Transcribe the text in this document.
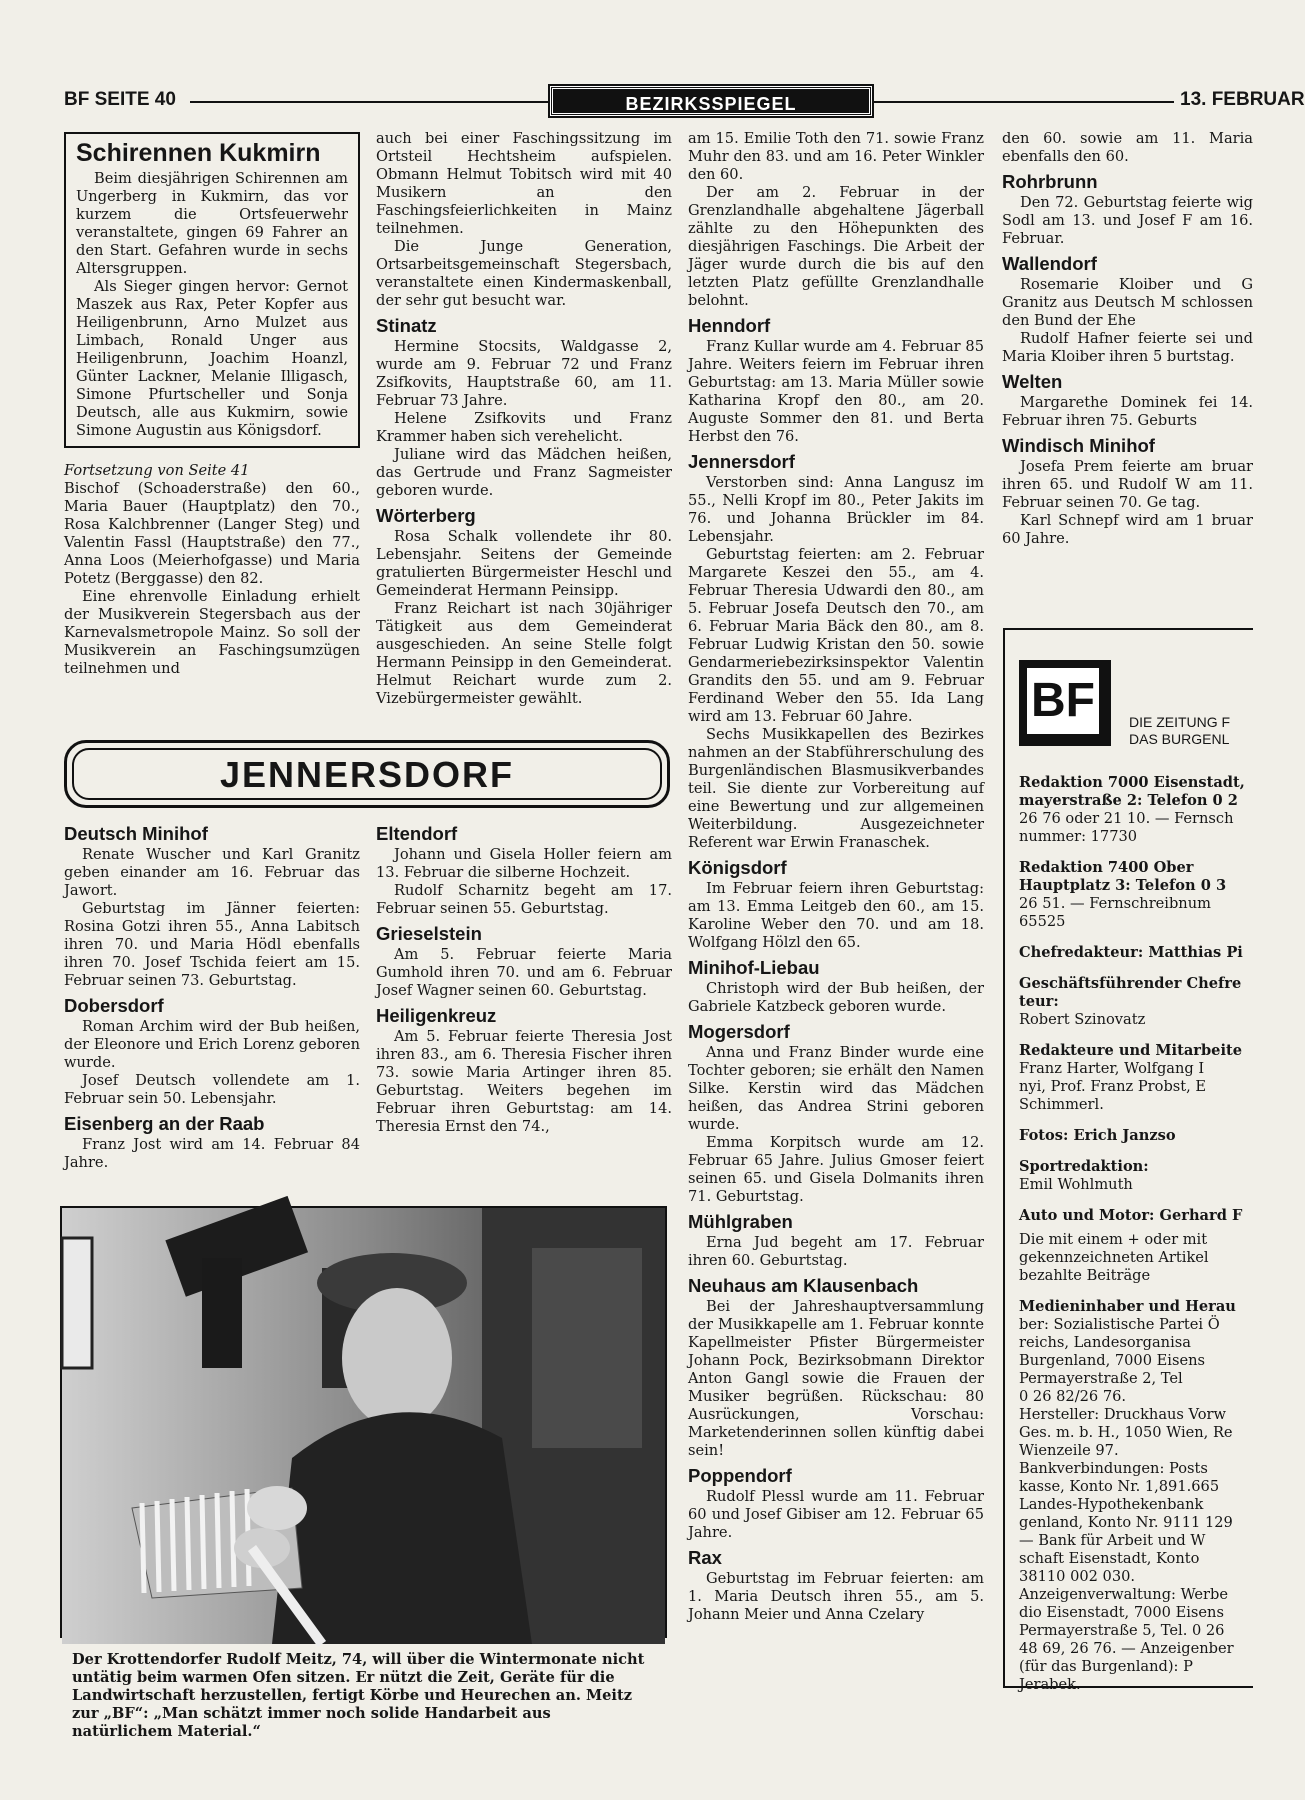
BF SEITE 40	BEZIRKSSPIEGEL	13. FEBRUAR
Schirennen Kukmirn

Beim diesjährigen Schirennen am Ungerberg in Kukmirn, das vor kurzem die Ortsfeuerwehr veranstaltete, gingen 69 Fahrer an den Start. Gefahren wurde in sechs Altersgruppen.

Als Sieger gingen hervor: Gernot Maszek aus Rax, Peter Kopfer aus Heiligenbrunn, Arno Mulzet aus Limbach, Ronald Unger aus Heiligenbrunn, Joachim Hoanzl, Günter Lackner, Melanie Illigasch, Simone Pfurtscheller und Sonja Deutsch, alle aus Kukmirn, sowie Simone Augustin aus Königsdorf.

Fortsetzung von Seite 41

Bischof (Schoaderstraße) den 60., Maria Bauer (Hauptplatz) den 70., Rosa Kalchbrenner (Langer Steg) und Valentin Fassl (Hauptstraße) den 77., Anna Loos (Meierhofgasse) und Maria Potetz (Berggasse) den 82.

Eine ehrenvolle Einladung erhielt der Musikverein Stegersbach aus der Karnevalsmetropole Mainz. So soll der Musikverein an Faschingsumzügen teilnehmen und

auch bei einer Faschingssitzung im Ortsteil Hechtsheim aufspielen. Obmann Helmut Tobitsch wird mit 40 Musikern an den Faschingsfeierlichkeiten in Mainz teilnehmen.

Die Junge Generation, Ortsarbeitsgemeinschaft Stegersbach, veranstaltete einen Kindermaskenball, der sehr gut besucht war.

Stinatz

Hermine Stocsits, Waldgasse 2, wurde am 9. Februar 72 und Franz Zsifkovits, Hauptstraße 60, am 11. Februar 73 Jahre.

Helene Zsifkovits und Franz Krammer haben sich verehelicht.

Juliane wird das Mädchen heißen, das Gertrude und Franz Sagmeister geboren wurde.

Wörterberg

Rosa Schalk vollendete ihr 80. Lebensjahr. Seitens der Gemeinde gratulierten Bürgermeister Heschl und Gemeinderat Hermann Peinsipp.

Franz Reichart ist nach 30jähriger Tätigkeit aus dem Gemeinderat ausgeschieden. An seine Stelle folgt Hermann Peinsipp in den Gemeinderat. Helmut Reichart wurde zum 2. Vizebürgermeister gewählt.

JENNERSDORF
Deutsch Minihof

Renate Wuscher und Karl Granitz geben einander am 16. Februar das Jawort.

Geburtstag im Jänner feierten: Rosina Gotzi ihren 55., Anna Labitsch ihren 70. und Maria Hödl ebenfalls ihren 70. Josef Tschida feiert am 15. Februar seinen 73. Geburtstag.

Dobersdorf

Roman Archim wird der Bub heißen, der Eleonore und Erich Lorenz geboren wurde.

Josef Deutsch vollendete am 1. Februar sein 50. Lebensjahr.

Eisenberg an der Raab

Franz Jost wird am 14. Februar 84 Jahre.

Eltendorf

Johann und Gisela Holler feiern am 13. Februar die silberne Hochzeit.

Rudolf Scharnitz begeht am 17. Februar seinen 55. Geburtstag.

Grieselstein

Am 5. Februar feierte Maria Gumhold ihren 70. und am 6. Februar Josef Wagner seinen 60. Geburtstag.

Heiligenkreuz

Am 5. Februar feierte Theresia Jost ihren 83., am 6. Theresia Fischer ihren 73. sowie Maria Artinger ihren 85. Geburtstag. Weiters begehen im Februar ihren Geburtstag: am 14. Theresia Ernst den 74.,

Der Krottendorfer Rudolf Meitz, 74, will über die Wintermonate nicht untätig beim warmen Ofen sitzen. Er nützt die Zeit, Geräte für die Landwirtschaft herzustellen, fertigt Körbe und Heurechen an. Meitz zur „BF“: „Man schätzt immer noch solide Handarbeit aus natürlichem Material.“

am 15. Emilie Toth den 71. sowie Franz Muhr den 83. und am 16. Peter Winkler den 60.

Der am 2. Februar in der Grenzlandhalle abgehaltene Jägerball zählte zu den Höhepunkten des diesjährigen Faschings. Die Arbeit der Jäger wurde durch die bis auf den letzten Platz gefüllte Grenzlandhalle belohnt.

Henndorf

Franz Kullar wurde am 4. Februar 85 Jahre. Weiters feiern im Februar ihren Geburtstag: am 13. Maria Müller sowie Katharina Kropf den 80., am 20. Auguste Sommer den 81. und Berta Herbst den 76.

Jennersdorf

Verstorben sind: Anna Langusz im 55., Nelli Kropf im 80., Peter Jakits im 76. und Johanna Brückler im 84. Lebensjahr.

Geburtstag feierten: am 2. Februar Margarete Keszei den 55., am 4. Februar Theresia Udwardi den 80., am 5. Februar Josefa Deutsch den 70., am 6. Februar Maria Bäck den 80., am 8. Februar Ludwig Kristan den 50. sowie Gendarmeriebezirksinspektor Valentin Grandits den 55. und am 9. Februar Ferdinand Weber den 55. Ida Lang wird am 13. Februar 60 Jahre.

Sechs Musikkapellen des Bezirkes nahmen an der Stabführerschulung des Burgenländischen Blasmusikverbandes teil. Sie diente zur Vorbereitung auf eine Bewertung und zur allgemeinen Weiterbildung. Ausgezeichneter Referent war Erwin Franaschek.

Königsdorf

Im Februar feiern ihren Geburtstag: am 13. Emma Leitgeb den 60., am 15. Karoline Weber den 70. und am 18. Wolfgang Hölzl den 65.

Minihof-Liebau

Christoph wird der Bub heißen, der Gabriele Katzbeck geboren wurde.

Mogersdorf

Anna und Franz Binder wurde eine Tochter geboren; sie erhält den Namen Silke. Kerstin wird das Mädchen heißen, das Andrea Strini geboren wurde.

Emma Korpitsch wurde am 12. Februar 65 Jahre. Julius Gmoser feiert seinen 65. und Gisela Dolmanits ihren 71. Geburtstag.

Mühlgraben

Erna Jud begeht am 17. Februar ihren 60. Geburtstag.

Neuhaus am Klausenbach

Bei der Jahreshauptversammlung der Musikkapelle am 1. Februar konnte Kapellmeister Pfister Bürgermeister Johann Pock, Bezirksobmann Direktor Anton Gangl sowie die Frauen der Musiker begrüßen. Rückschau: 80 Ausrückungen, Vorschau: Marketenderinnen sollen künftig dabei sein!

Poppendorf

Rudolf Plessl wurde am 11. Februar 60 und Josef Gibiser am 12. Februar 65 Jahre.

Rax

Geburtstag im Februar feierten: am 1. Maria Deutsch ihren 55., am 5. Johann Meier und Anna Czelary

den 60. sowie am 11. Maria ebenfalls den 60.

Rohrbrunn

Den 72. Geburtstag feierte wig Sodl am 13. und Josef F am 16. Februar.

Wallendorf

Rosemarie Kloiber und G Granitz aus Deutsch M schlossen den Bund der Ehe

Rudolf Hafner feierte sei und Maria Kloiber ihren 5 burtstag.

Welten

Margarethe Dominek fei 14. Februar ihren 75. Geburts

Windisch Minihof

Josefa Prem feierte am bruar ihren 65. und Rudolf W am 11. Februar seinen 70. Ge tag.

Karl Schnepf wird am 1 bruar 60 Jahre.

BF DIE ZEITUNG F
DAS BURGENL

Redaktion 7000 Eisenstadt,
mayerstraße 2: Telefon 0 2
26 76 oder 21 10. — Fernsch
nummer: 17730

Redaktion 7400 Ober
Hauptplatz 3: Telefon 0 3
26 51. — Fernschreibnum
65525

Chefredakteur: Matthias Pi

Geschäftsführender Chefre
teur:
Robert Szinovatz

Redakteure und Mitarbeite
Franz Harter, Wolfgang I
nyi, Prof. Franz Probst, E
Schimmerl.

Fotos: Erich Janzso

Sportredaktion:
Emil Wohlmuth

Auto und Motor: Gerhard F

Die mit einem + oder mit
gekennzeichneten Artikel
bezahlte Beiträge

Medieninhaber und Herau
ber: Sozialistische Partei Ö
reichs, Landesorganisa
Burgenland, 7000 Eisens
Permayerstraße 2, Tel
0 26 82/26 76.

Hersteller: Druckhaus Vorw
Ges. m. b. H., 1050 Wien, Re
Wienzeile 97.

Bankverbindungen: Posts
kasse, Konto Nr. 1,891.665
Landes-Hypothekenbank
genland, Konto Nr. 9111 129
— Bank für Arbeit und W
schaft Eisenstadt, Konto
38110 002 030.

Anzeigenverwaltung: Werbe
dio Eisenstadt, 7000 Eisens
Permayerstraße 5, Tel. 0 26
48 69, 26 76. — Anzeigenber
(für das Burgenland): P
Jerabek.
